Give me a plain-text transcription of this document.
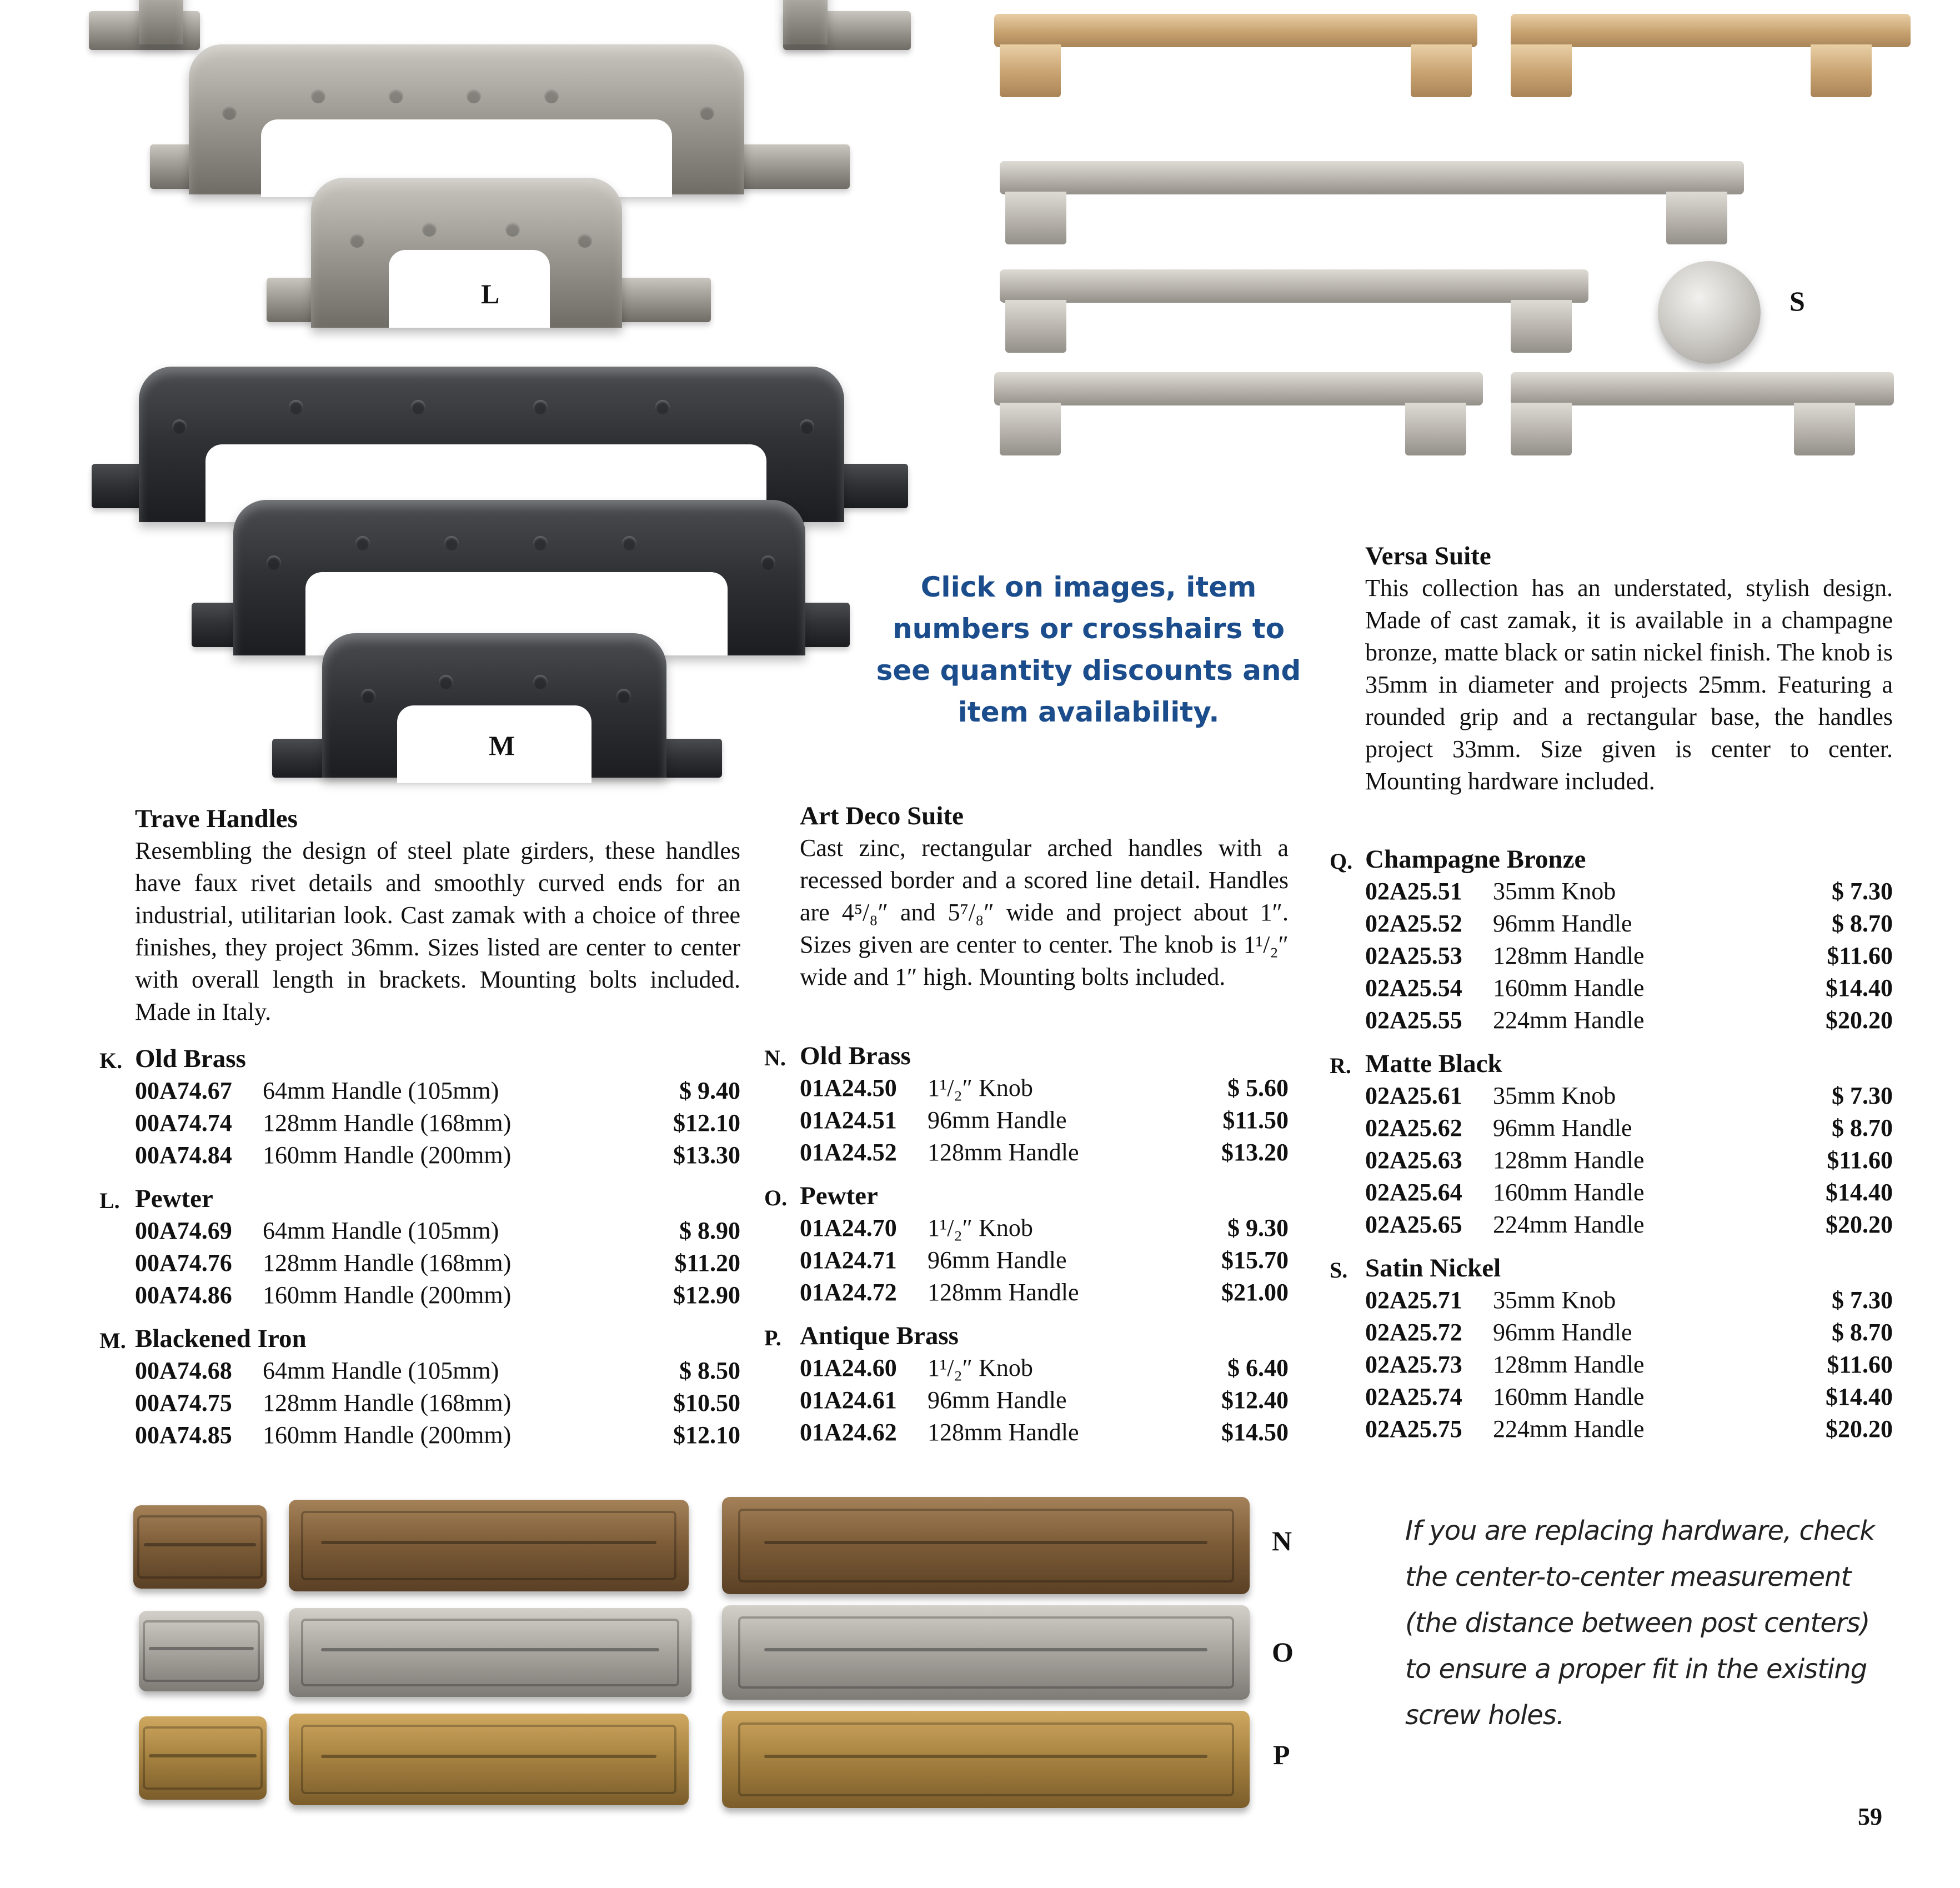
L
M
S
Click on images, item numbers or crosshairs to see quantity discounts and item availability.
Trave Handles

Resembling the design of steel plate girders, these handles have faux rivet details and smoothly curved ends for an industrial, utilitarian look. Cast zamak with a choice of three finishes, they project 36mm. Sizes listed are center to center with overall length in brackets. Mounting bolts included. Made in Italy.

K. Old Brass
00A74.67	64mm Handle (105mm)	$ 9.40
00A74.74	128mm Handle (168mm)	$12.10
00A74.84	160mm Handle (200mm)	$13.30
L. Pewter
00A74.69	64mm Handle (105mm)	$ 8.90
00A74.76	128mm Handle (168mm)	$11.20
00A74.86	160mm Handle (200mm)	$12.90
M. Blackened Iron
00A74.68	64mm Handle (105mm)	$ 8.50
00A74.75	128mm Handle (168mm)	$10.50
00A74.85	160mm Handle (200mm)	$12.10
Art Deco Suite

Cast zinc, rectangular arched handles with a recessed border and a scored line detail. Handles are 4⁵/₈″ and 5⁷/₈″ wide and project about 1″. Sizes given are center to center. The knob is 1¹/₂″ wide and 1″ high. Mounting bolts included.

N. Old Brass
01A24.50	1¹/₂″ Knob	$ 5.60
01A24.51	96mm Handle	$11.50
01A24.52	128mm Handle	$13.20
O. Pewter
01A24.70	1¹/₂″ Knob	$ 9.30
01A24.71	96mm Handle	$15.70
01A24.72	128mm Handle	$21.00
P. Antique Brass
01A24.60	1¹/₂″ Knob	$ 6.40
01A24.61	96mm Handle	$12.40
01A24.62	128mm Handle	$14.50
Versa Suite

This collection has an understated, stylish design. Made of cast zamak, it is available in a champagne bronze, matte black or satin nickel finish. The knob is 35mm in diameter and projects 25mm. Featuring a rounded grip and a rectangular base, the handles project 33mm. Size given is center to center. Mounting hardware included.

Q. Champagne Bronze
02A25.51	35mm Knob	$ 7.30
02A25.52	96mm Handle	$ 8.70
02A25.53	128mm Handle	$11.60
02A25.54	160mm Handle	$14.40
02A25.55	224mm Handle	$20.20
R. Matte Black
02A25.61	35mm Knob	$ 7.30
02A25.62	96mm Handle	$ 8.70
02A25.63	128mm Handle	$11.60
02A25.64	160mm Handle	$14.40
02A25.65	224mm Handle	$20.20
S. Satin Nickel
02A25.71	35mm Knob	$ 7.30
02A25.72	96mm Handle	$ 8.70
02A25.73	128mm Handle	$11.60
02A25.74	160mm Handle	$14.40
02A25.75	224mm Handle	$20.20
N
O
P
If you are replacing hardware, check the center-to-center measurement (the distance between post centers) to ensure a proper fit in the existing screw holes.
59
